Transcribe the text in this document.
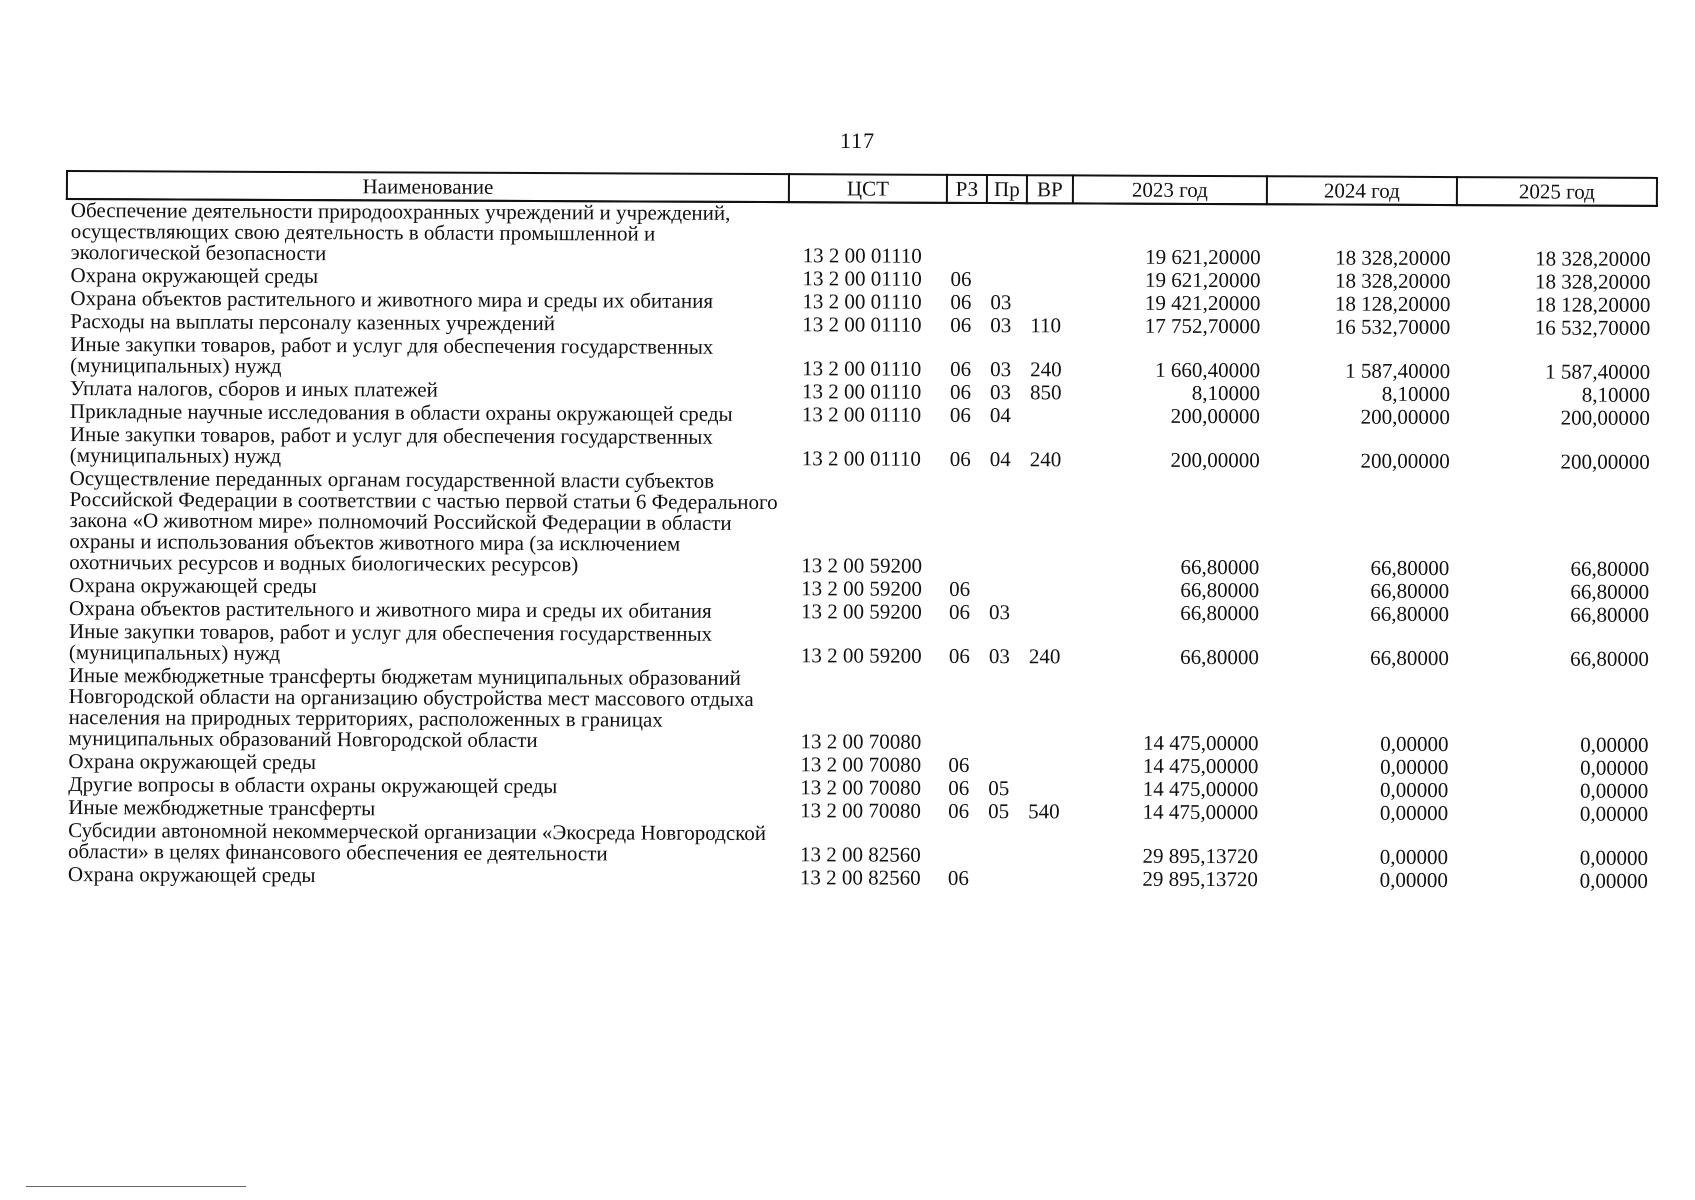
117
Наименование	ЦСТ	РЗ	Пр	ВР	2023 год	2024 год	2025 год
Обеспечение деятельности природоохранных учреждений и учреждений, осуществляющих свою деятельность в области промышленной и экологической безопасности	13 2 00 01110				19 621,20000	18 328,20000	18 328,20000
Охрана окружающей среды	13 2 00 01110	06			19 621,20000	18 328,20000	18 328,20000
Охрана объектов растительного и животного мира и среды их обитания	13 2 00 01110	06	03		19 421,20000	18 128,20000	18 128,20000
Расходы на выплаты персоналу казенных учреждений	13 2 00 01110	06	03	110	17 752,70000	16 532,70000	16 532,70000
Иные закупки товаров, работ и услуг для обеспечения государственных (муниципальных) нужд	13 2 00 01110	06	03	240	1 660,40000	1 587,40000	1 587,40000
Уплата налогов, сборов и иных платежей	13 2 00 01110	06	03	850	8,10000	8,10000	8,10000
Прикладные научные исследования в области охраны окружающей среды	13 2 00 01110	06	04		200,00000	200,00000	200,00000
Иные закупки товаров, работ и услуг для обеспечения государственных (муниципальных) нужд	13 2 00 01110	06	04	240	200,00000	200,00000	200,00000
Осуществление переданных органам государственной власти субъектов Российской Федерации в соответствии с частью первой статьи 6 Федерального закона «О животном мире» полномочий Российской Федерации в области охраны и использования объектов животного мира (за исключением охотничьих ресурсов и водных биологических ресурсов)	13 2 00 59200				66,80000	66,80000	66,80000
Охрана окружающей среды	13 2 00 59200	06			66,80000	66,80000	66,80000
Охрана объектов растительного и животного мира и среды их обитания	13 2 00 59200	06	03		66,80000	66,80000	66,80000
Иные закупки товаров, работ и услуг для обеспечения государственных (муниципальных) нужд	13 2 00 59200	06	03	240	66,80000	66,80000	66,80000
Иные межбюджетные трансферты бюджетам муниципальных образований Новгородской области на организацию обустройства мест массового отдыха населения на природных территориях, расположенных в границах муниципальных образований Новгородской области	13 2 00 70080				14 475,00000	0,00000	0,00000
Охрана окружающей среды	13 2 00 70080	06			14 475,00000	0,00000	0,00000
Другие вопросы в области охраны окружающей среды	13 2 00 70080	06	05		14 475,00000	0,00000	0,00000
Иные межбюджетные трансферты	13 2 00 70080	06	05	540	14 475,00000	0,00000	0,00000
Субсидии автономной некоммерческой организации «Экосреда Новгородской области» в целях финансового обеспечения ее деятельности	13 2 00 82560				29 895,13720	0,00000	0,00000
Охрана окружающей среды	13 2 00 82560	06			29 895,13720	0,00000	0,00000
